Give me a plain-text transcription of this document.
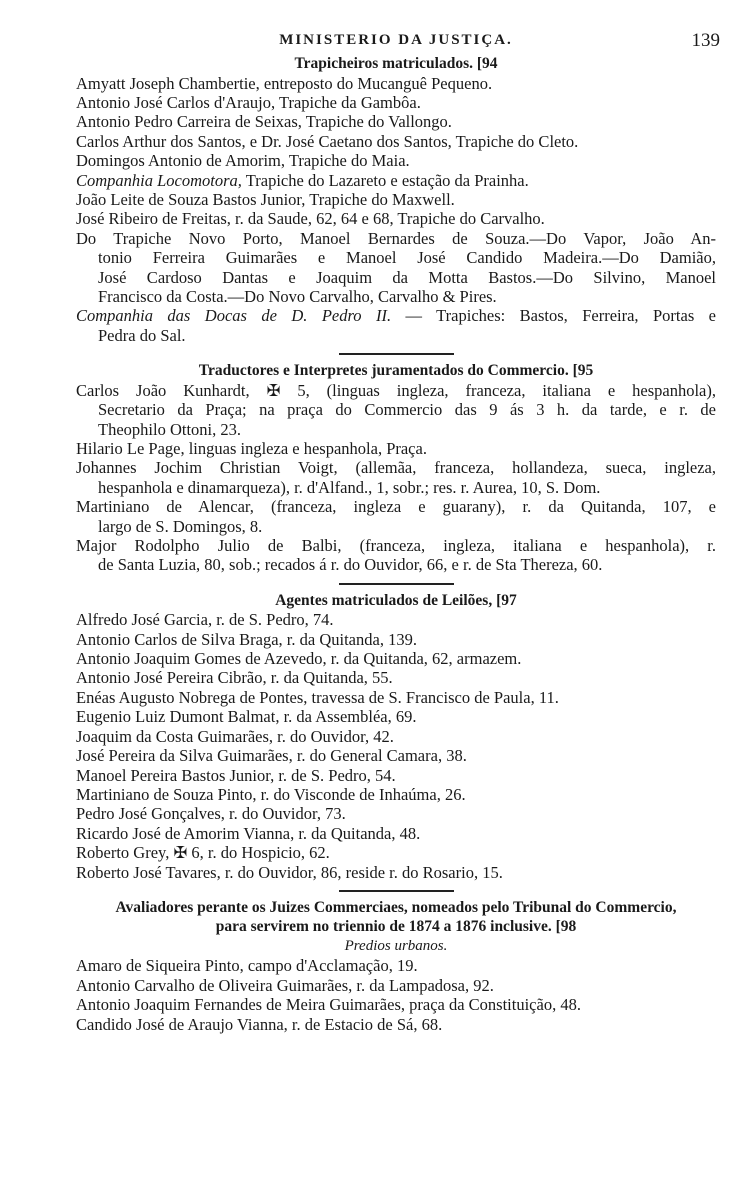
MINISTERIO DA JUSTIÇA.	139
Trapicheiros matriculados. [94
Amyatt Joseph Chambertie, entreposto do Mucanguê Pequeno.
Antonio José Carlos d'Araujo, Trapiche da Gambôa.
Antonio Pedro Carreira de Seixas, Trapiche do Vallongo.
Carlos Arthur dos Santos, e Dr. José Caetano dos Santos, Trapiche do Cleto.
Domingos Antonio de Amorim, Trapiche do Maia.
Companhia Locomotora, Trapiche do Lazareto e estação da Prainha.
João Leite de Souza Bastos Junior, Trapiche do Maxwell.
José Ribeiro de Freitas, r. da Saude, 62, 64 e 68, Trapiche do Carvalho.
Do Trapiche Novo Porto, Manoel Bernardes de Souza.—Do Vapor, João An-
tonio Ferreira Guimarães e Manoel José Candido Madeira.—Do Damião,
José Cardoso Dantas e Joaquim da Motta Bastos.—Do Silvino, Manoel
Francisco da Costa.—Do Novo Carvalho, Carvalho & Pires.
Companhia das Docas de D. Pedro II. — Trapiches: Bastos, Ferreira, Portas e
Pedra do Sal.
Traductores e Interpretes juramentados do Commercio. [95
Carlos João Kunhardt, ✠ 5, (linguas ingleza, franceza, italiana e hespanhola),
Secretario da Praça; na praça do Commercio das 9 ás 3 h. da tarde, e r. de
Theophilo Ottoni, 23.
Hilario Le Page, linguas ingleza e hespanhola, Praça.
Johannes Jochim Christian Voigt, (allemãa, franceza, hollandeza, sueca, ingleza,
hespanhola e dinamarqueza), r. d'Alfand., 1, sobr.; res. r. Aurea, 10, S. Dom.
Martiniano de Alencar, (franceza, ingleza e guarany), r. da Quitanda, 107, e
largo de S. Domingos, 8.
Major Rodolpho Julio de Balbi, (franceza, ingleza, italiana e hespanhola), r.
de Santa Luzia, 80, sob.; recados á r. do Ouvidor, 66, e r. de Sta Thereza, 60.
Agentes matriculados de Leilões, [97
Alfredo José Garcia, r. de S. Pedro, 74.
Antonio Carlos de Silva Braga, r. da Quitanda, 139.
Antonio Joaquim Gomes de Azevedo, r. da Quitanda, 62, armazem.
Antonio José Pereira Cibrão, r. da Quitanda, 55.
Enéas Augusto Nobrega de Pontes, travessa de S. Francisco de Paula, 11.
Eugenio Luiz Dumont Balmat, r. da Assembléa, 69.
Joaquim da Costa Guimarães, r. do Ouvidor, 42.
José Pereira da Silva Guimarães, r. do General Camara, 38.
Manoel Pereira Bastos Junior, r. de S. Pedro, 54.
Martiniano de Souza Pinto, r. do Visconde de Inhaúma, 26.
Pedro José Gonçalves, r. do Ouvidor, 73.
Ricardo José de Amorim Vianna, r. da Quitanda, 48.
Roberto Grey, ✠ 6, r. do Hospicio, 62.
Roberto José Tavares, r. do Ouvidor, 86, reside r. do Rosario, 15.
Avaliadores perante os Juizes Commerciaes, nomeados pelo Tribunal do Commercio,
para servirem no triennio de 1874 a 1876 inclusive. [98
Predios urbanos.
Amaro de Siqueira Pinto, campo d'Acclamação, 19.
Antonio Carvalho de Oliveira Guimarães, r. da Lampadosa, 92.
Antonio Joaquim Fernandes de Meira Guimarães, praça da Constituição, 48.
Candido José de Araujo Vianna, r. de Estacio de Sá, 68.
